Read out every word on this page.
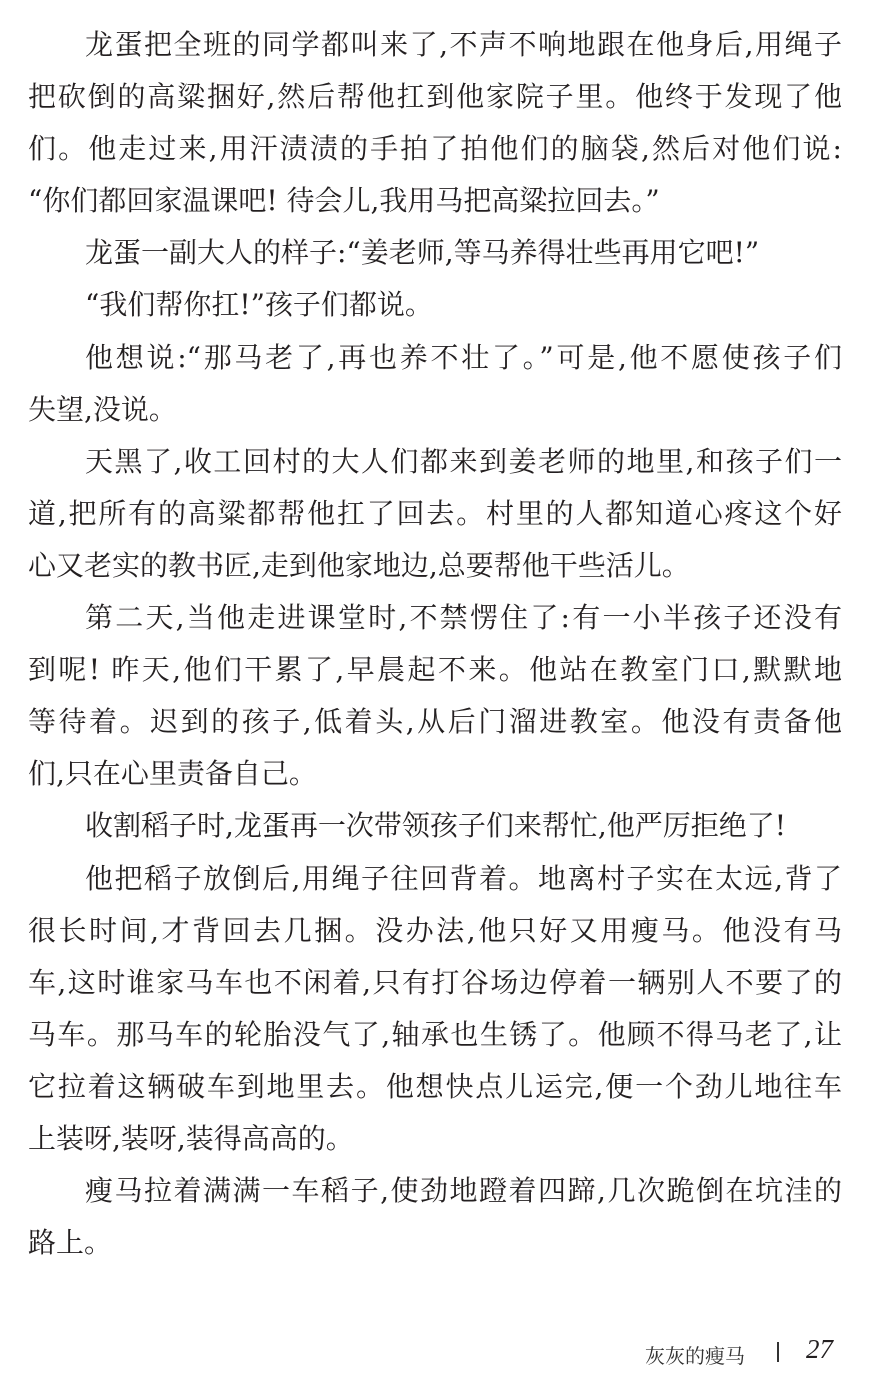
龙蛋把全班的同学都叫来了,不声不响地跟在他身后,用绳子
把砍倒的高粱捆好,然后帮他扛到他家院子里。他终于发现了他
们。他走过来,用汗渍渍的手拍了拍他们的脑袋,然后对他们说:
“你们都回家温课吧! 待会儿,我用马把高粱拉回去。”
龙蛋一副大人的样子:“姜老师,等马养得壮些再用它吧!”
“我们帮你扛!”孩子们都说。
他想说:“那马老了,再也养不壮了。”可是,他不愿使孩子们
失望,没说。
天黑了,收工回村的大人们都来到姜老师的地里,和孩子们一
道,把所有的高粱都帮他扛了回去。村里的人都知道心疼这个好
心又老实的教书匠,走到他家地边,总要帮他干些活儿。
第二天,当他走进课堂时,不禁愣住了:有一小半孩子还没有
到呢! 昨天,他们干累了,早晨起不来。他站在教室门口,默默地
等待着。迟到的孩子,低着头,从后门溜进教室。他没有责备他
们,只在心里责备自己。
收割稻子时,龙蛋再一次带领孩子们来帮忙,他严厉拒绝了!
他把稻子放倒后,用绳子往回背着。地离村子实在太远,背了
很长时间,才背回去几捆。没办法,他只好又用瘦马。他没有马
车,这时谁家马车也不闲着,只有打谷场边停着一辆别人不要了的
马车。那马车的轮胎没气了,轴承也生锈了。他顾不得马老了,让
它拉着这辆破车到地里去。他想快点儿运完,便一个劲儿地往车
上装呀,装呀,装得高高的。
瘦马拉着满满一车稻子,使劲地蹬着四蹄,几次跪倒在坑洼的
路上。
灰灰的瘦马 27
